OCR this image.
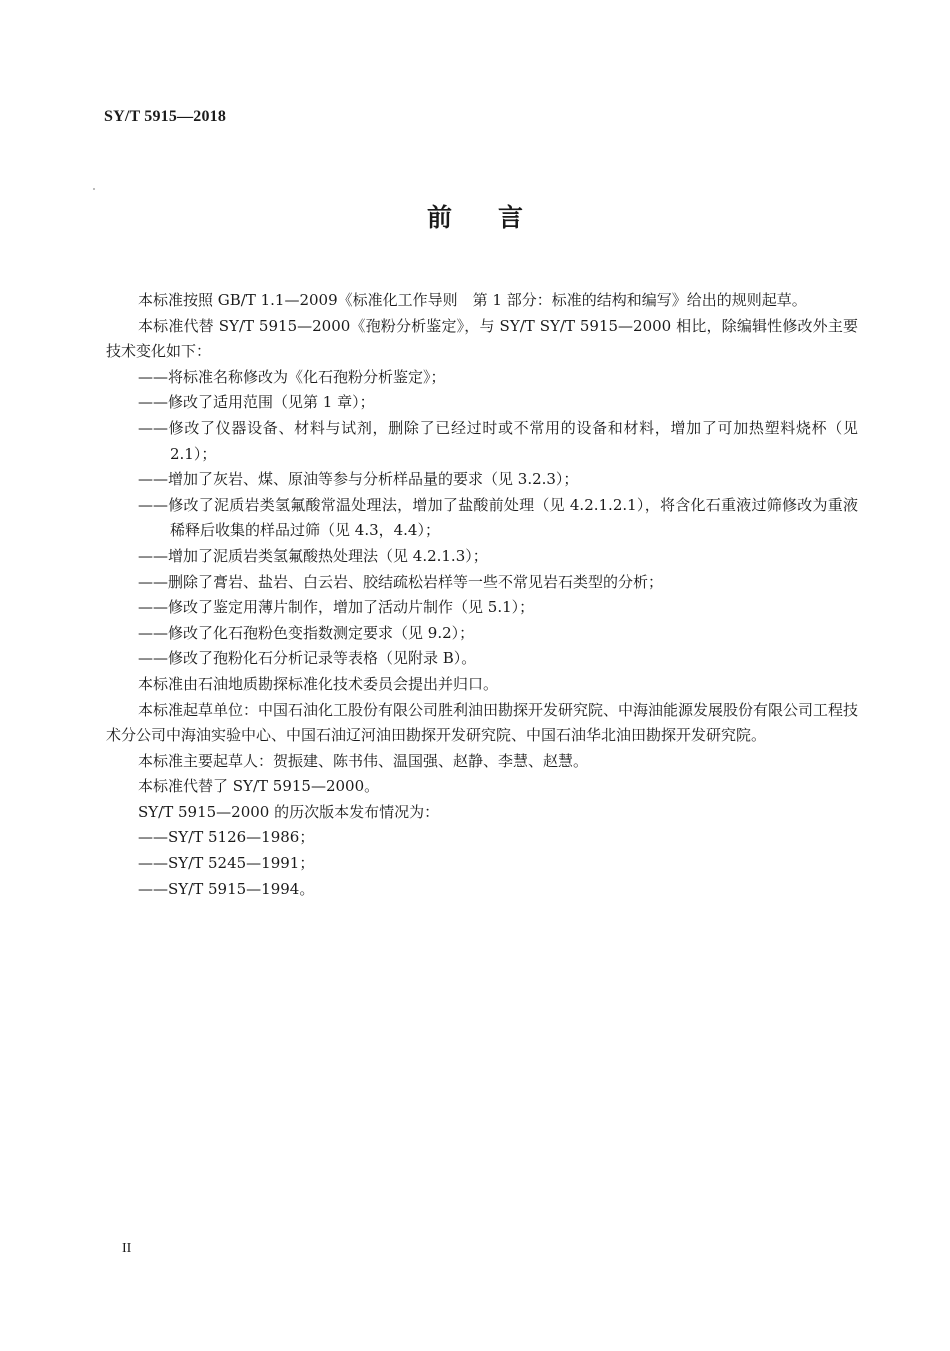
SY/T 5915—2018
前言

本标准按照 GB/T 1.1—2009《标准化工作导则　第 1 部分：标准的结构和编写》给出的规则起草。

本标准代替 SY/T 5915—2000《孢粉分析鉴定》，与 SY/T SY/T 5915—2000 相比，除编辑性修改外主要技术变化如下：

——将标准名称修改为《化石孢粉分析鉴定》；

——修改了适用范围（见第 1 章）；

——修改了仪器设备、材料与试剂，删除了已经过时或不常用的设备和材料，增加了可加热塑料烧杯（见 2.1）；

——增加了灰岩、煤、原油等参与分析样品量的要求（见 3.2.3）；

——修改了泥质岩类氢氟酸常温处理法，增加了盐酸前处理（见 4.2.1.2.1），将含化石重液过筛修改为重液稀释后收集的样品过筛（见 4.3，4.4）；

——增加了泥质岩类氢氟酸热处理法（见 4.2.1.3）；

——删除了膏岩、盐岩、白云岩、胶结疏松岩样等一些不常见岩石类型的分析；

——修改了鉴定用薄片制作，增加了活动片制作（见 5.1）；

——修改了化石孢粉色变指数测定要求（见 9.2）；

——修改了孢粉化石分析记录等表格（见附录 B）。

本标准由石油地质勘探标准化技术委员会提出并归口。

本标准起草单位：中国石油化工股份有限公司胜利油田勘探开发研究院、中海油能源发展股份有限公司工程技术分公司中海油实验中心、中国石油辽河油田勘探开发研究院、中国石油华北油田勘探开发研究院。

本标准主要起草人：贺振建、陈书伟、温国强、赵静、李慧、赵慧。

本标准代替了 SY/T 5915—2000。

SY/T 5915—2000 的历次版本发布情况为：

——SY/T 5126—1986；

——SY/T 5245—1991；

——SY/T 5915—1994。

II
